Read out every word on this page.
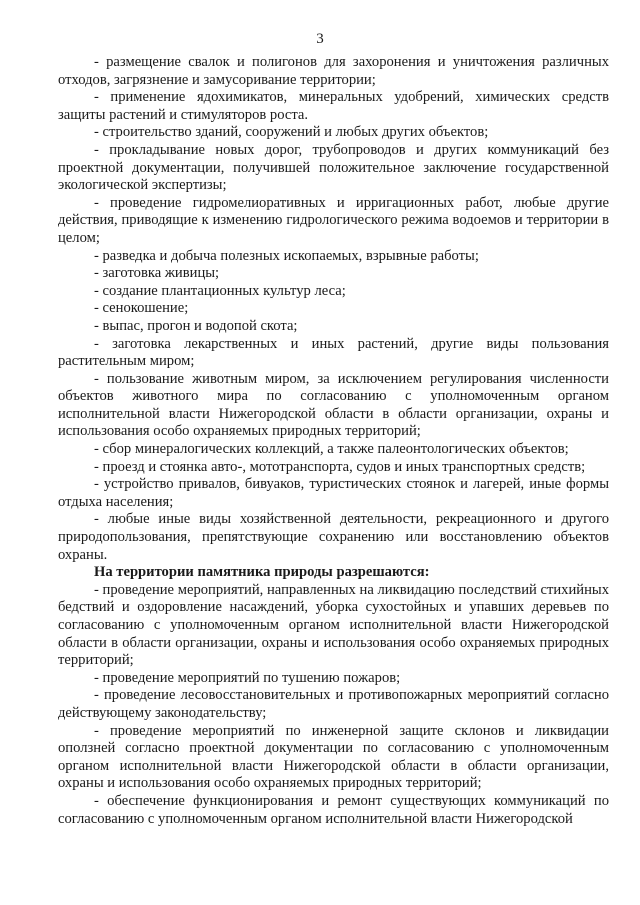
3

- размещение свалок и полигонов для захоронения и уничтожения различных отходов, загрязнение и замусоривание территории;

- применение ядохимикатов, минеральных удобрений, химических средств защиты растений и стимуляторов роста.

- строительство зданий, сооружений и любых других объектов;

- прокладывание новых дорог, трубопроводов и других коммуникаций без проектной документации, получившей положительное заключение государственной экологической экспертизы;

- проведение гидромелиоративных и ирригационных работ, любые другие действия, приводящие к изменению гидрологического режима водоемов и территории в целом;

- разведка и добыча полезных ископаемых, взрывные работы;

- заготовка живицы;

- создание плантационных культур леса;

- сенокошение;

- выпас, прогон и водопой скота;

- заготовка лекарственных и иных растений, другие виды пользования растительным миром;

- пользование животным миром, за исключением регулирования численности объектов животного мира по согласованию с уполномоченным органом исполнительной власти Нижегородской области в области организации, охраны и использования особо охраняемых природных территорий;

- сбор минералогических коллекций, а также палеонтологических объектов;

- проезд и стоянка авто-, мототранспорта, судов и иных транспортных средств;

- устройство привалов, бивуаков, туристических стоянок и лагерей, иные формы отдыха населения;

- любые иные виды хозяйственной деятельности, рекреационного и другого природопользования, препятствующие сохранению или восстановлению объектов охраны.

На территории памятника природы разрешаются:

- проведение мероприятий, направленных на ликвидацию последствий стихийных бедствий и оздоровление насаждений, уборка сухостойных и упавших деревьев по согласованию с уполномоченным органом исполнительной власти Нижегородской области в области организации, охраны и использования особо охраняемых природных территорий;

- проведение мероприятий по тушению пожаров;

- проведение лесовосстановительных и противопожарных мероприятий согласно действующему законодательству;

- проведение мероприятий по инженерной защите склонов и ликвидации оползней согласно проектной документации по согласованию с уполномоченным органом исполнительной власти Нижегородской области в области организации, охраны и использования особо охраняемых природных территорий;

- обеспечение функционирования и ремонт существующих коммуникаций по согласованию с уполномоченным органом исполнительной власти Нижегородской
